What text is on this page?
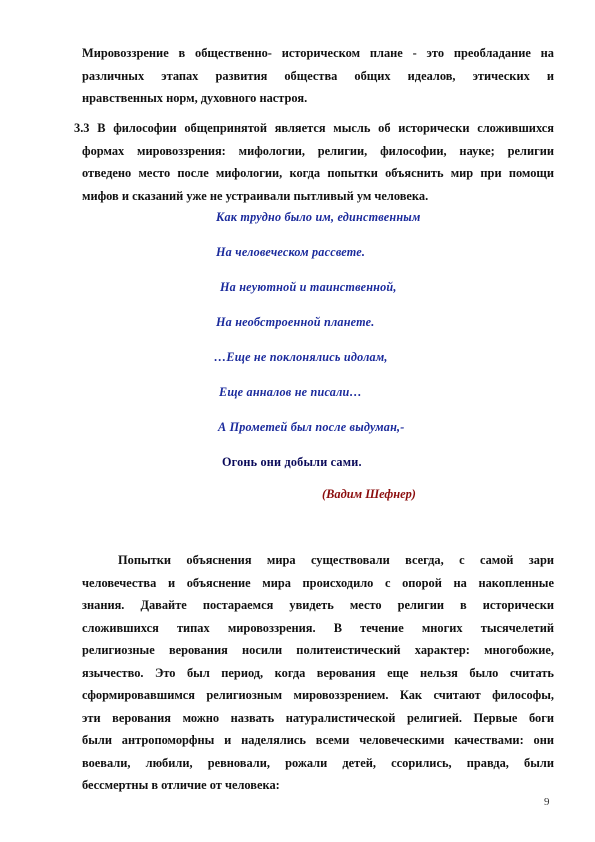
Мировоззрение в общественно- историческом плане - это преобладание на
различных этапах развития общества общих идеалов, этических и
нравственных норм, духовного настроя.
3.3 В философии общепринятой является мысль об исторически сложившихся
формах мировоззрения: мифологии, религии, философии, науке; религии
отведено место после мифологии, когда попытки объяснить мир при помощи
мифов и сказаний уже не устраивали пытливый ум человека.
Как трудно было им, единственным
На человеческом рассвете.
На неуютной и таинственной,
На необстроенной планете.
…Еще не поклонялись идолам,
Еще анналов не писали…
А Прометей был после выдуман,-
Огонь они добыли сами.
(Вадим Шефнер)
Попытки объяснения мира существовали всегда, с самой зари
человечества и объяснение мира происходило с опорой на накопленные
знания. Давайте постараемся увидеть место религии в исторически
сложившихся типах мировоззрения. В течение многих тысячелетий
религиозные верования носили политеистический характер: многобожие,
язычество. Это был период, когда верования еще нельзя было считать
сформировавшимся религиозным мировоззрением. Как считают философы,
эти верования можно назвать натуралистической религией. Первые боги
были антропоморфны и наделялись всеми человеческими качествами: они
воевали, любили, ревновали, рожали детей, ссорились, правда, были
бессмертны в отличие от человека:
9
